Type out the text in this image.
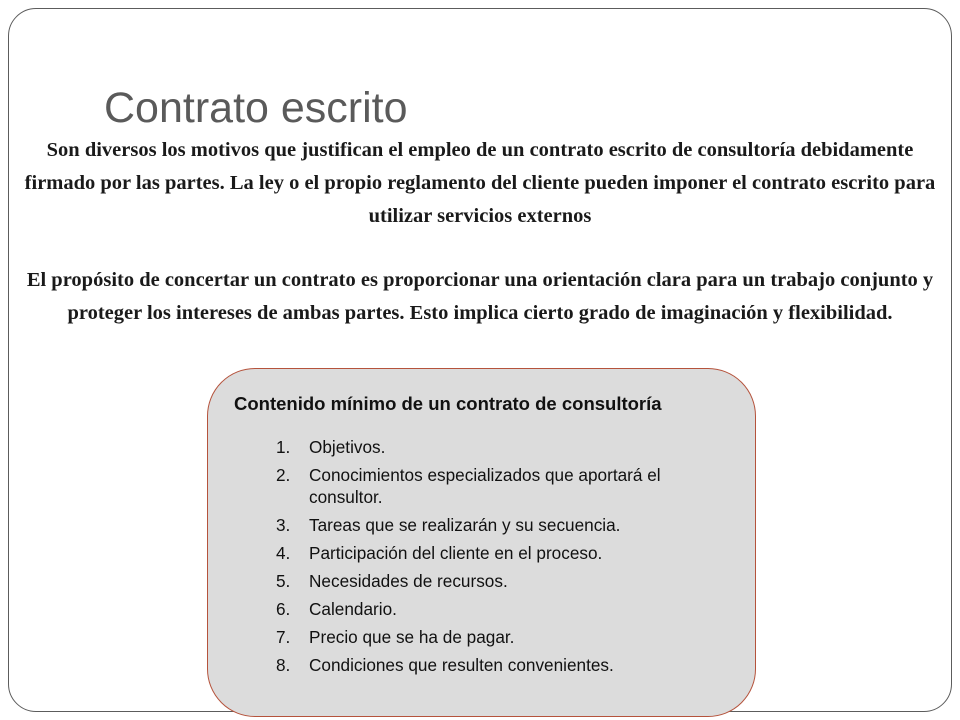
Contrato escrito

Son diversos los motivos que justifican el empleo de un contrato escrito de consultoría debidamente firmado por las partes. La ley o el propio reglamento del cliente pueden imponer el contrato escrito para utilizar servicios externos

El propósito de concertar un contrato es proporcionar una orientación clara para un trabajo conjunto y proteger los intereses de ambas partes. Esto implica cierto grado de imaginación y flexibilidad.

Contenido mínimo de un contrato de consultoría
1.	Objetivos.
2.	Conocimientos especializados que aportará el consultor.
3.	Tareas que se realizarán y su secuencia.
4.	Participación del cliente en el proceso.
5.	Necesidades de recursos.
6.	Calendario.
7.	Precio que se ha de pagar.
8.	Condiciones que resulten convenientes.
